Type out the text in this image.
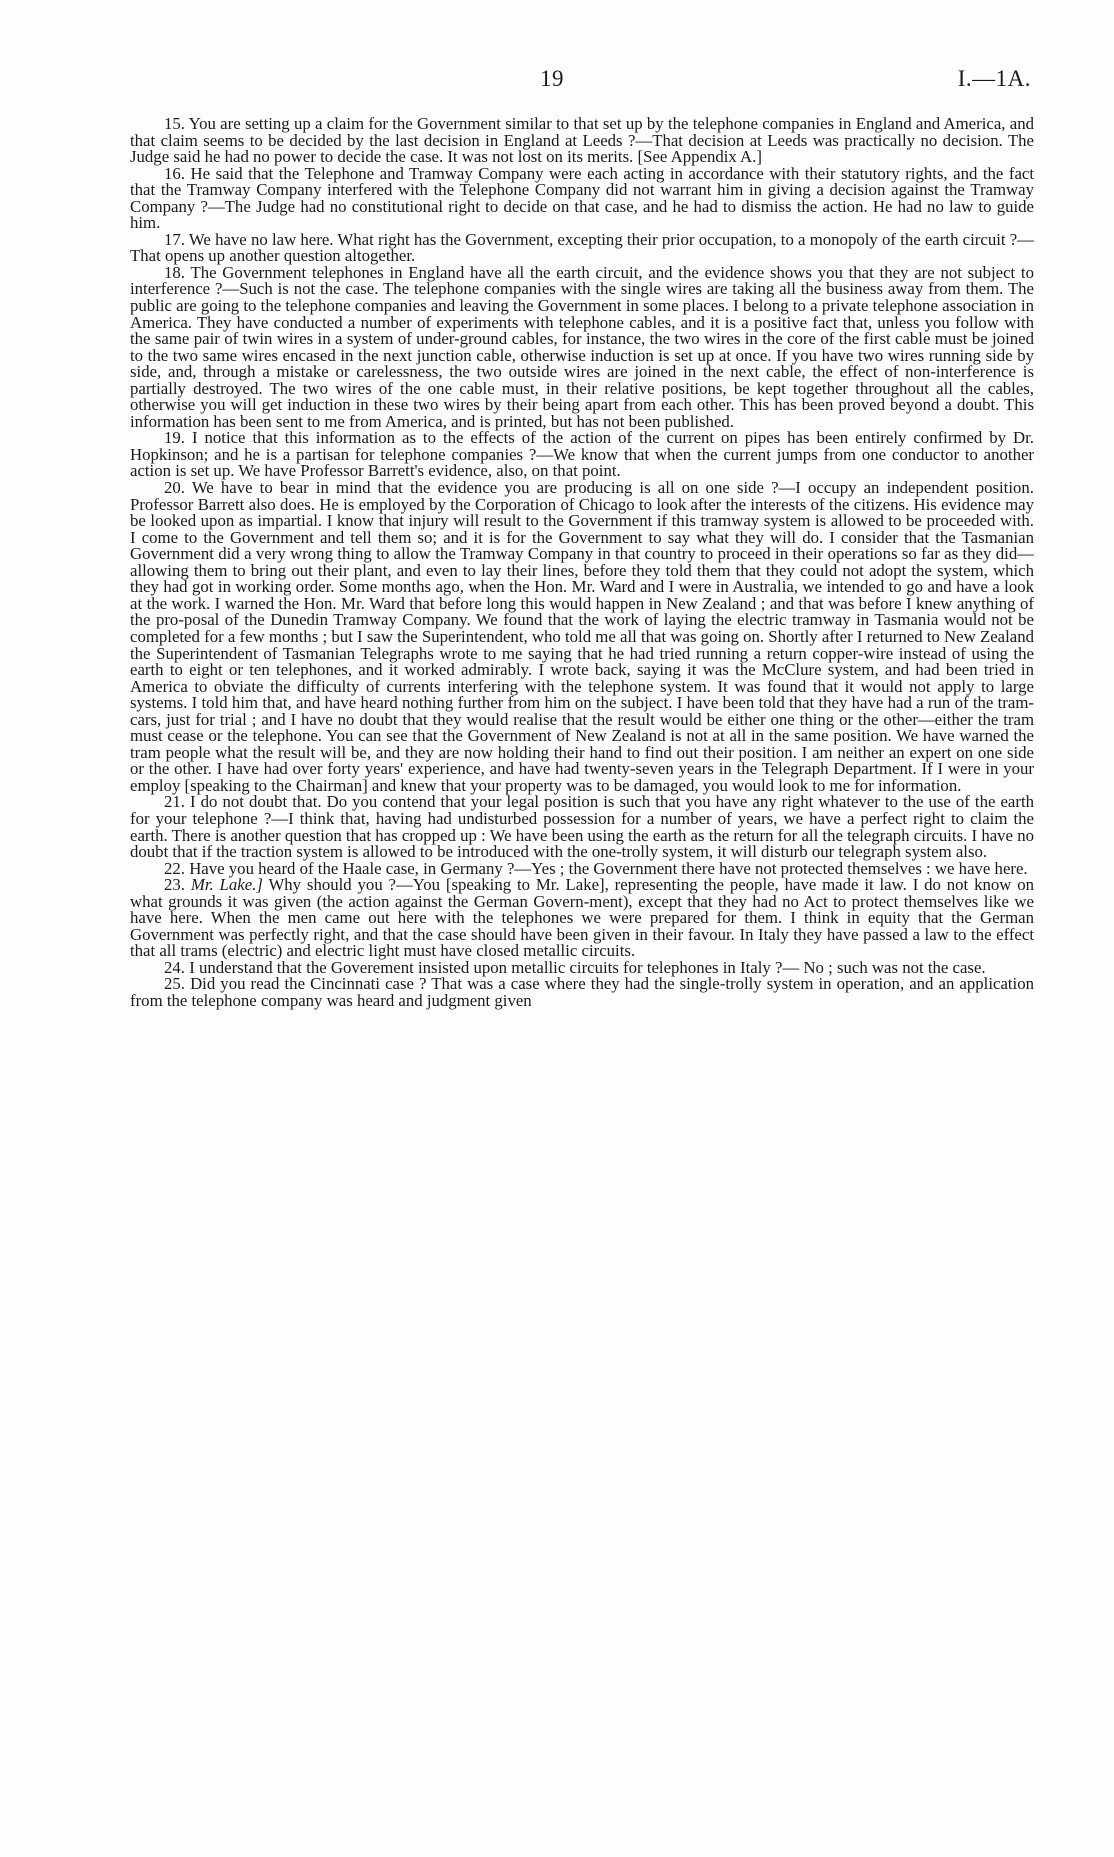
19	I.—1A.

15. You are setting up a claim for the Government similar to that set up by the telephone companies in England and America, and that claim seems to be decided by the last decision in England at Leeds ?—That decision at Leeds was practically no decision. The Judge said he had no power to decide the case. It was not lost on its merits. [See Appendix A.]

16. He said that the Telephone and Tramway Company were each acting in accordance with their statutory rights, and the fact that the Tramway Company interfered with the Telephone Company did not warrant him in giving a decision against the Tramway Company ?—The Judge had no constitutional right to decide on that case, and he had to dismiss the action. He had no law to guide him.

17. We have no law here. What right has the Government, excepting their prior occupation, to a monopoly of the earth circuit ?—That opens up another question altogether.

18. The Government telephones in England have all the earth circuit, and the evidence shows you that they are not subject to interference ?—Such is not the case. The telephone companies with the single wires are taking all the business away from them. The public are going to the telephone companies and leaving the Government in some places. I belong to a private telephone association in America. They have conducted a number of experiments with telephone cables, and it is a positive fact that, unless you follow with the same pair of twin wires in a system of under-ground cables, for instance, the two wires in the core of the first cable must be joined to the two same wires encased in the next junction cable, otherwise induction is set up at once. If you have two wires running side by side, and, through a mistake or carelessness, the two outside wires are joined in the next cable, the effect of non-interference is partially destroyed. The two wires of the one cable must, in their relative positions, be kept together throughout all the cables, otherwise you will get induction in these two wires by their being apart from each other. This has been proved beyond a doubt. This information has been sent to me from America, and is printed, but has not been published.

19. I notice that this information as to the effects of the action of the current on pipes has been entirely confirmed by Dr. Hopkinson; and he is a partisan for telephone companies ?—We know that when the current jumps from one conductor to another action is set up. We have Professor Barrett's evidence, also, on that point.

20. We have to bear in mind that the evidence you are producing is all on one side ?—I occupy an independent position. Professor Barrett also does. He is employed by the Corporation of Chicago to look after the interests of the citizens. His evidence may be looked upon as impartial. I know that injury will result to the Government if this tramway system is allowed to be proceeded with. I come to the Government and tell them so; and it is for the Government to say what they will do. I consider that the Tasmanian Government did a very wrong thing to allow the Tramway Company in that country to proceed in their operations so far as they did—allowing them to bring out their plant, and even to lay their lines, before they told them that they could not adopt the system, which they had got in working order. Some months ago, when the Hon. Mr. Ward and I were in Australia, we intended to go and have a look at the work. I warned the Hon. Mr. Ward that before long this would happen in New Zealand ; and that was before I knew anything of the pro-posal of the Dunedin Tramway Company. We found that the work of laying the electric tramway in Tasmania would not be completed for a few months ; but I saw the Superintendent, who told me all that was going on. Shortly after I returned to New Zealand the Superintendent of Tasmanian Telegraphs wrote to me saying that he had tried running a return copper-wire instead of using the earth to eight or ten telephones, and it worked admirably. I wrote back, saying it was the McClure system, and had been tried in America to obviate the difficulty of currents interfering with the telephone system. It was found that it would not apply to large systems. I told him that, and have heard nothing further from him on the subject. I have been told that they have had a run of the tram-cars, just for trial ; and I have no doubt that they would realise that the result would be either one thing or the other—either the tram must cease or the telephone. You can see that the Government of New Zealand is not at all in the same position. We have warned the tram people what the result will be, and they are now holding their hand to find out their position. I am neither an expert on one side or the other. I have had over forty years' experience, and have had twenty-seven years in the Telegraph Department. If I were in your employ [speaking to the Chairman] and knew that your property was to be damaged, you would look to me for information.

21. I do not doubt that. Do you contend that your legal position is such that you have any right whatever to the use of the earth for your telephone ?—I think that, having had undisturbed possession for a number of years, we have a perfect right to claim the earth. There is another question that has cropped up : We have been using the earth as the return for all the telegraph circuits. I have no doubt that if the traction system is allowed to be introduced with the one-trolly system, it will disturb our telegraph system also.

22. Have you heard of the Haale case, in Germany ?—Yes ; the Government there have not protected themselves : we have here.

23. Mr. Lake.] Why should you ?—You [speaking to Mr. Lake], representing the people, have made it law. I do not know on what grounds it was given (the action against the German Govern-ment), except that they had no Act to protect themselves like we have here. When the men came out here with the telephones we were prepared for them. I think in equity that the German Government was perfectly right, and that the case should have been given in their favour. In Italy they have passed a law to the effect that all trams (electric) and electric light must have closed metallic circuits.

24. I understand that the Goverement insisted upon metallic circuits for telephones in Italy ?— No ; such was not the case.

25. Did you read the Cincinnati case ? That was a case where they had the single-trolly system in operation, and an application from the telephone company was heard and judgment given
